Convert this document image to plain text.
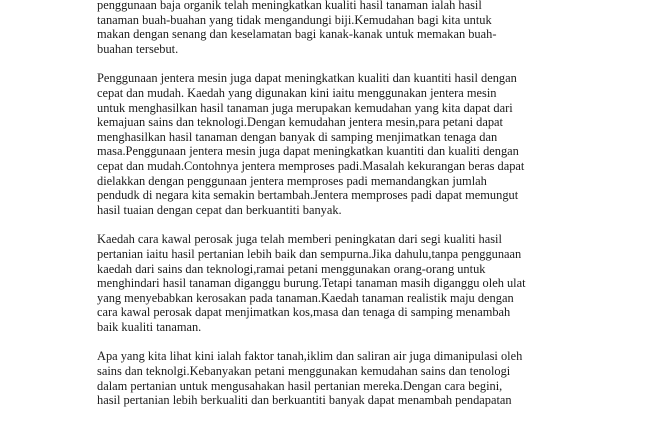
penggunaan baja organik telah meningkatkan kualiti hasil tanaman ialah hasil
tanaman buah-buahan yang tidak mengandungi biji.Kemudahan bagi kita untuk
makan dengan senang dan keselamatan bagi kanak-kanak untuk memakan buah-
buahan tersebut.

Penggunaan jentera mesin juga dapat meningkatkan kualiti dan kuantiti hasil dengan
cepat dan mudah. Kaedah yang digunakan kini iaitu menggunakan jentera mesin
untuk menghasilkan hasil tanaman juga merupakan kemudahan yang kita dapat dari
kemajuan sains dan teknologi.Dengan kemudahan jentera mesin,para petani dapat
menghasilkan hasil tanaman dengan banyak di samping menjimatkan tenaga dan
masa.Penggunaan jentera mesin juga dapat meningkatkan kuantiti dan kualiti dengan
cepat dan mudah.Contohnya jentera memproses padi.Masalah kekurangan beras dapat
dielakkan dengan penggunaan jentera memproses padi memandangkan jumlah
pendudk di negara kita semakin bertambah.Jentera memproses padi dapat memungut
hasil tuaian dengan cepat dan berkuantiti banyak.

Kaedah cara kawal perosak juga telah memberi peningkatan dari segi kualiti hasil
pertanian iaitu hasil pertanian lebih baik dan sempurna.Jika dahulu,tanpa penggunaan
kaedah dari sains dan teknologi,ramai petani menggunakan orang-orang untuk
menghindari hasil tanaman diganggu burung.Tetapi tanaman masih diganggu oleh ulat
yang menyebabkan kerosakan pada tanaman.Kaedah tanaman realistik maju dengan
cara kawal perosak dapat menjimatkan kos,masa dan tenaga di samping menambah
baik kualiti tanaman.

Apa yang kita lihat kini ialah faktor tanah,iklim dan saliran air juga dimanipulasi oleh
sains dan teknolgi.Kebanyakan petani menggunakan kemudahan sains dan tenologi
dalam pertanian untuk mengusahakan hasil pertanian mereka.Dengan cara begini,
hasil pertanian lebih berkualiti dan berkuantiti banyak dapat menambah pendapatan
